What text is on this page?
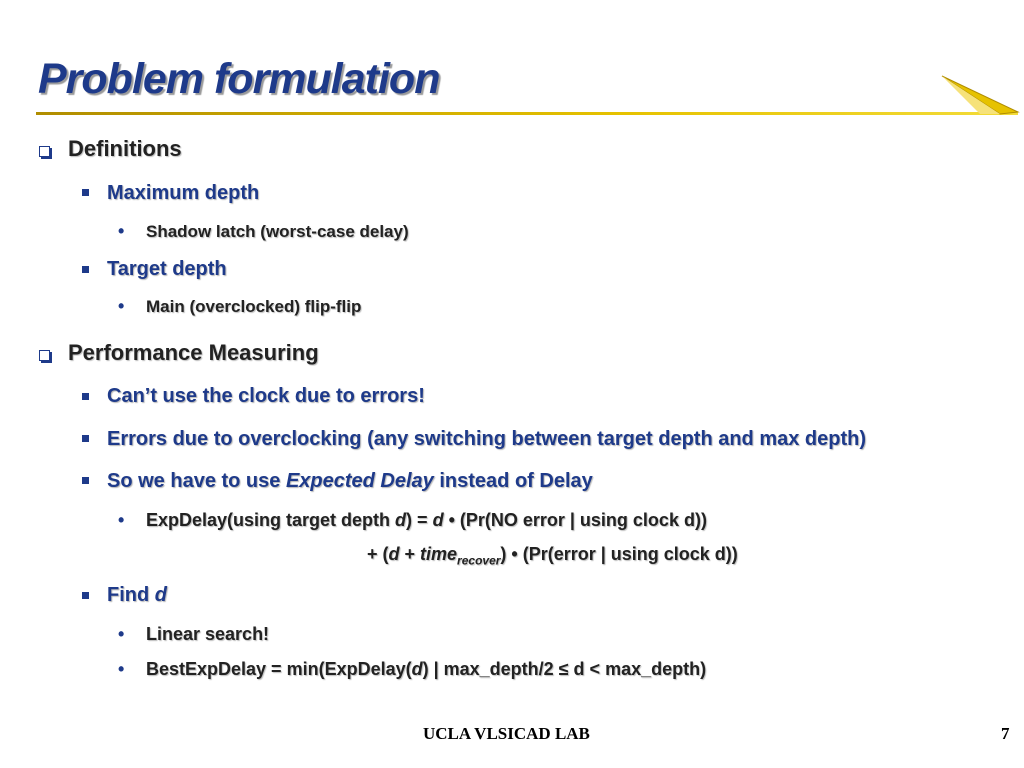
Problem formulation
Definitions
Maximum depth
• Shadow latch (worst-case delay)
Target depth
• Main (overclocked) flip-flip
Performance Measuring
Can’t use the clock due to errors!
Errors due to overclocking (any switching between target depth and max depth)
So we have to use Expected Delay instead of Delay
• ExpDelay(using target depth d) = d • (Pr(NO error | using clock d))
+ (d + time$_{recover}$) • (Pr(error | using clock d))
Find d
• Linear search!
• BestExpDelay = min(ExpDelay(d) | max_depth/2 ≤ d < max_depth)
UCLA VLSICAD LAB	7
